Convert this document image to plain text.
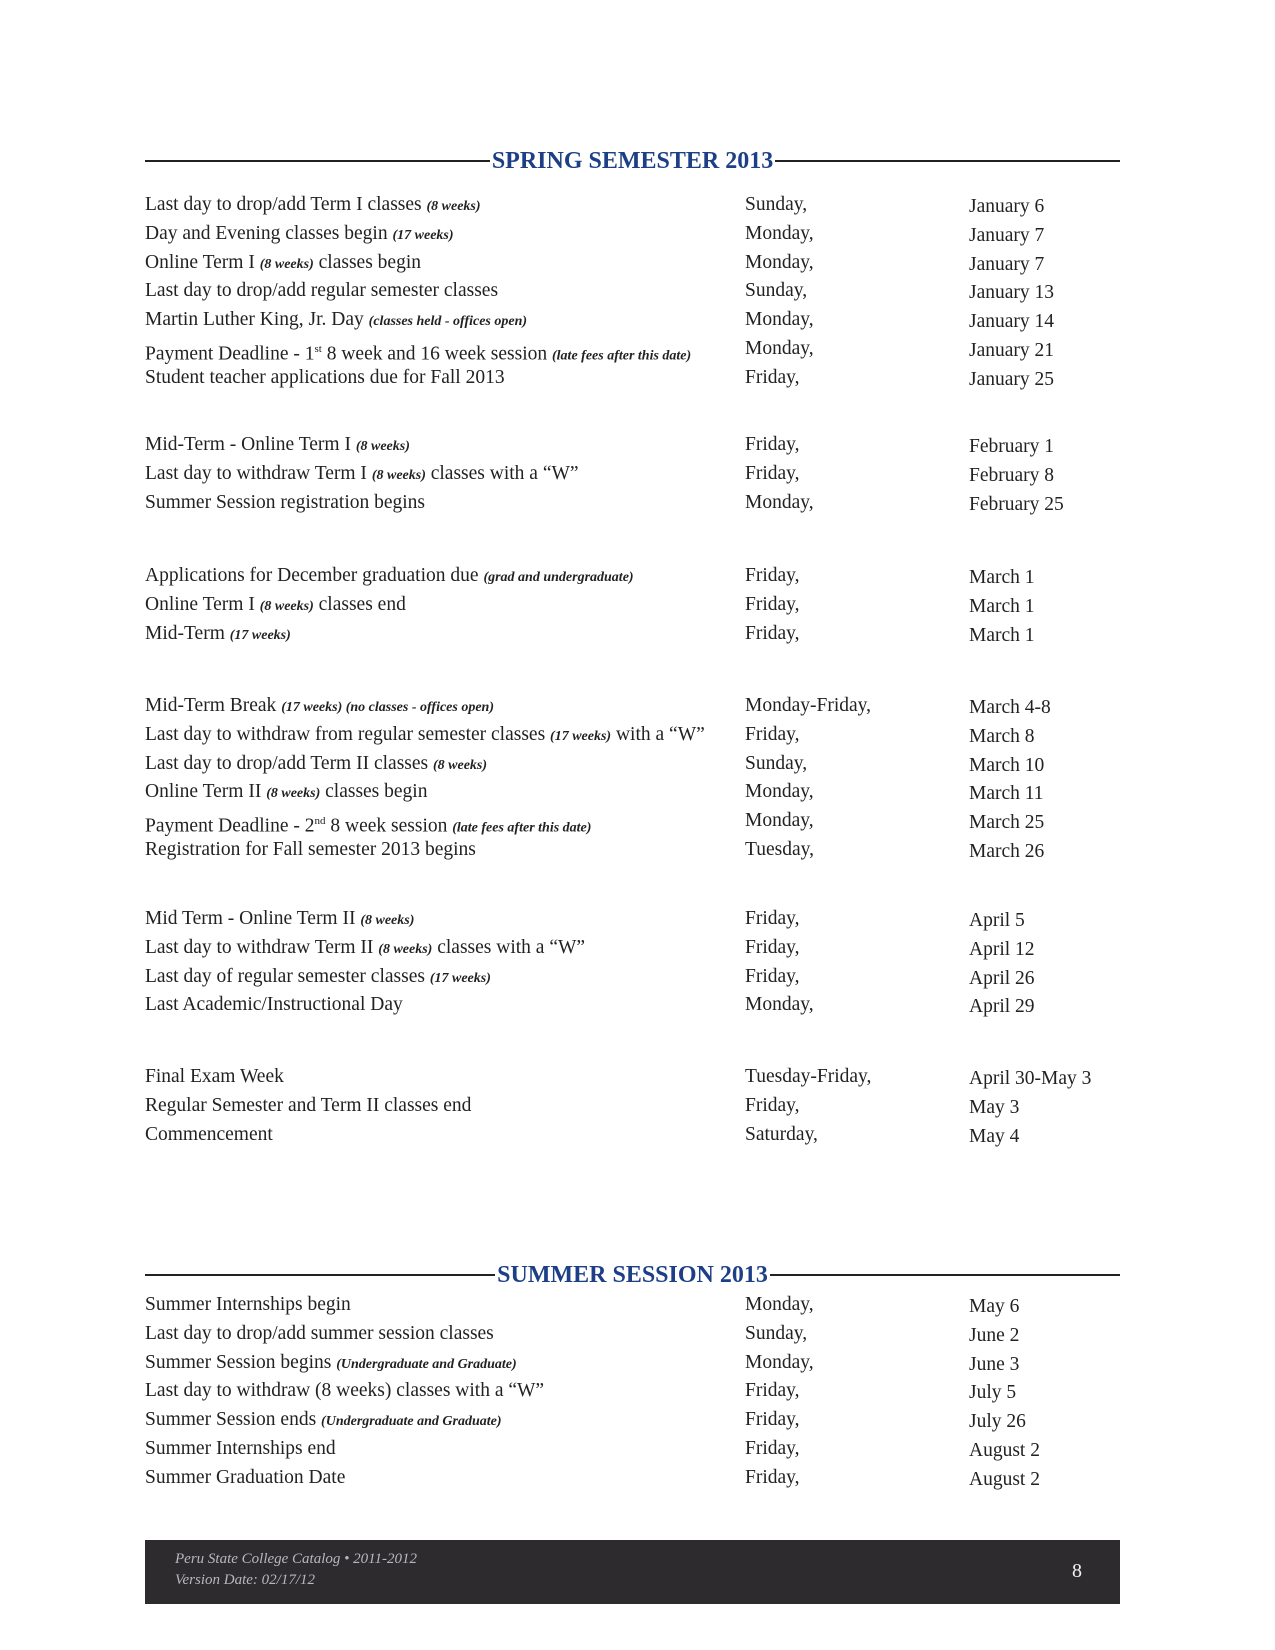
SPRING SEMESTER 2013
Last day to drop/add Term I classes (8 weeks)	Sunday,	January 6
Day and Evening classes begin (17 weeks)	Monday,	January 7
Online Term I (8 weeks) classes begin	Monday,	January 7
Last day to drop/add regular semester classes	Sunday,	January 13
Martin Luther King, Jr. Day (classes held - offices open)	Monday,	January 14
Payment Deadline - 1st 8 week and 16 week session (late fees after this date)	Monday,	January 21
Student teacher applications due for Fall 2013	Friday,	January 25
Mid-Term - Online Term I (8 weeks)	Friday,	February 1
Last day to withdraw Term I (8 weeks) classes with a “W”	Friday,	February 8
Summer Session registration begins	Monday,	February 25
Applications for December graduation due (grad and undergraduate)	Friday,	March 1
Online Term I (8 weeks) classes end	Friday,	March 1
Mid-Term (17 weeks)	Friday,	March 1
Mid-Term Break (17 weeks) (no classes - offices open)	Monday-Friday,	March 4-8
Last day to withdraw from regular semester classes (17 weeks) with a “W” Friday,	March 8
Last day to drop/add Term II classes (8 weeks)	Sunday,	March 10
Online Term II (8 weeks) classes begin	Monday,	March 11
Payment Deadline - 2nd 8 week session (late fees after this date)	Monday,	March 25
Registration for Fall semester 2013 begins	Tuesday,	March 26
Mid Term - Online Term II (8 weeks)	Friday,	April 5
Last day to withdraw Term II (8 weeks) classes with a “W”	Friday,	April 12
Last day of regular semester classes (17 weeks)	Friday,	April 26
Last Academic/Instructional Day	Monday,	April 29
Final Exam Week	Tuesday-Friday,	April 30-May 3
Regular Semester and Term II classes end	Friday,	May 3
Commencement	Saturday,	May 4
SUMMER SESSION 2013
Summer Internships begin	Monday,	May 6
Last day to drop/add summer session classes	Sunday,	June 2
Summer Session begins (Undergraduate and Graduate)	Monday,	June 3
Last day to withdraw (8 weeks) classes with a “W”	Friday,	July 5
Summer Session ends (Undergraduate and Graduate)	Friday,	July 26
Summer Internships end	Friday,	August 2
Summer Graduation Date	Friday,	August 2
Peru State College Catalog • 2011-2012
Version Date: 02/17/12	8
